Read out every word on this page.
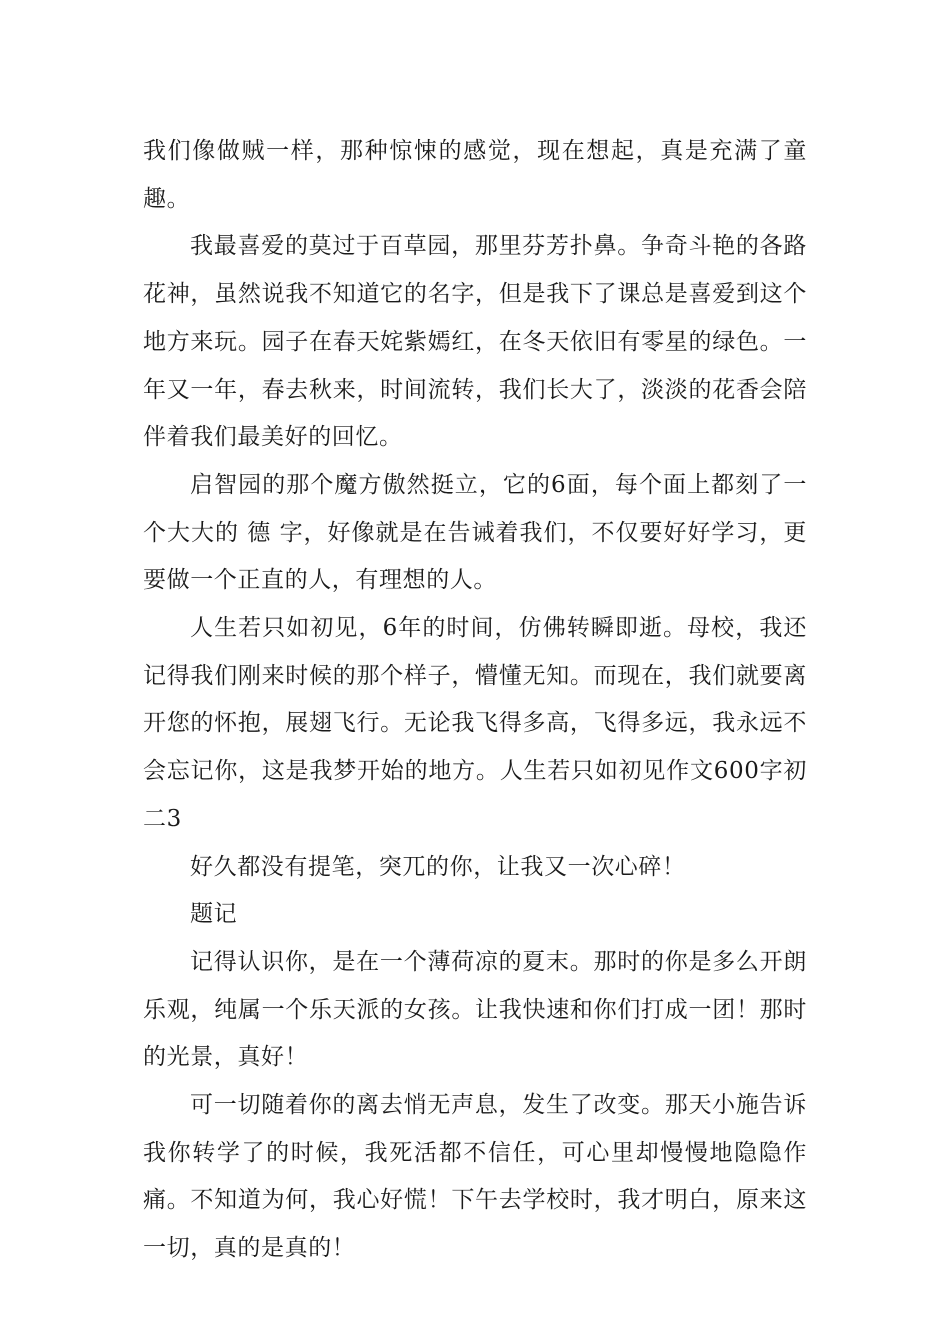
我们像做贼一样，那种惊悚的感觉，现在想起，真是充满了童趣。

我最喜爱的莫过于百草园，那里芬芳扑鼻。争奇斗艳的各路花神，虽然说我不知道它的名字，但是我下了课总是喜爱到这个地方来玩。园子在春天姹紫嫣红，在冬天依旧有零星的绿色。一年又一年，春去秋来，时间流转，我们长大了，淡淡的花香会陪伴着我们最美好的回忆。

启智园的那个魔方傲然挺立，它的6面，每个面上都刻了一个大大的 德 字，好像就是在告诫着我们，不仅要好好学习，更要做一个正直的人，有理想的人。

人生若只如初见，6年的时间，仿佛转瞬即逝。母校，我还记得我们刚来时候的那个样子，懵懂无知。而现在，我们就要离开您的怀抱，展翅飞行。无论我飞得多高，飞得多远，我永远不会忘记你，这是我梦开始的地方。人生若只如初见作文600字初二3

好久都没有提笔，突兀的你，让我又一次心碎！

题记

记得认识你，是在一个薄荷凉的夏末。那时的你是多么开朗乐观，纯属一个乐天派的女孩。让我快速和你们打成一团！那时的光景，真好！

可一切随着你的离去悄无声息，发生了改变。那天小施告诉我你转学了的时候，我死活都不信任，可心里却慢慢地隐隐作痛。不知道为何，我心好慌！下午去学校时，我才明白，原来这一切，真的是真的！
